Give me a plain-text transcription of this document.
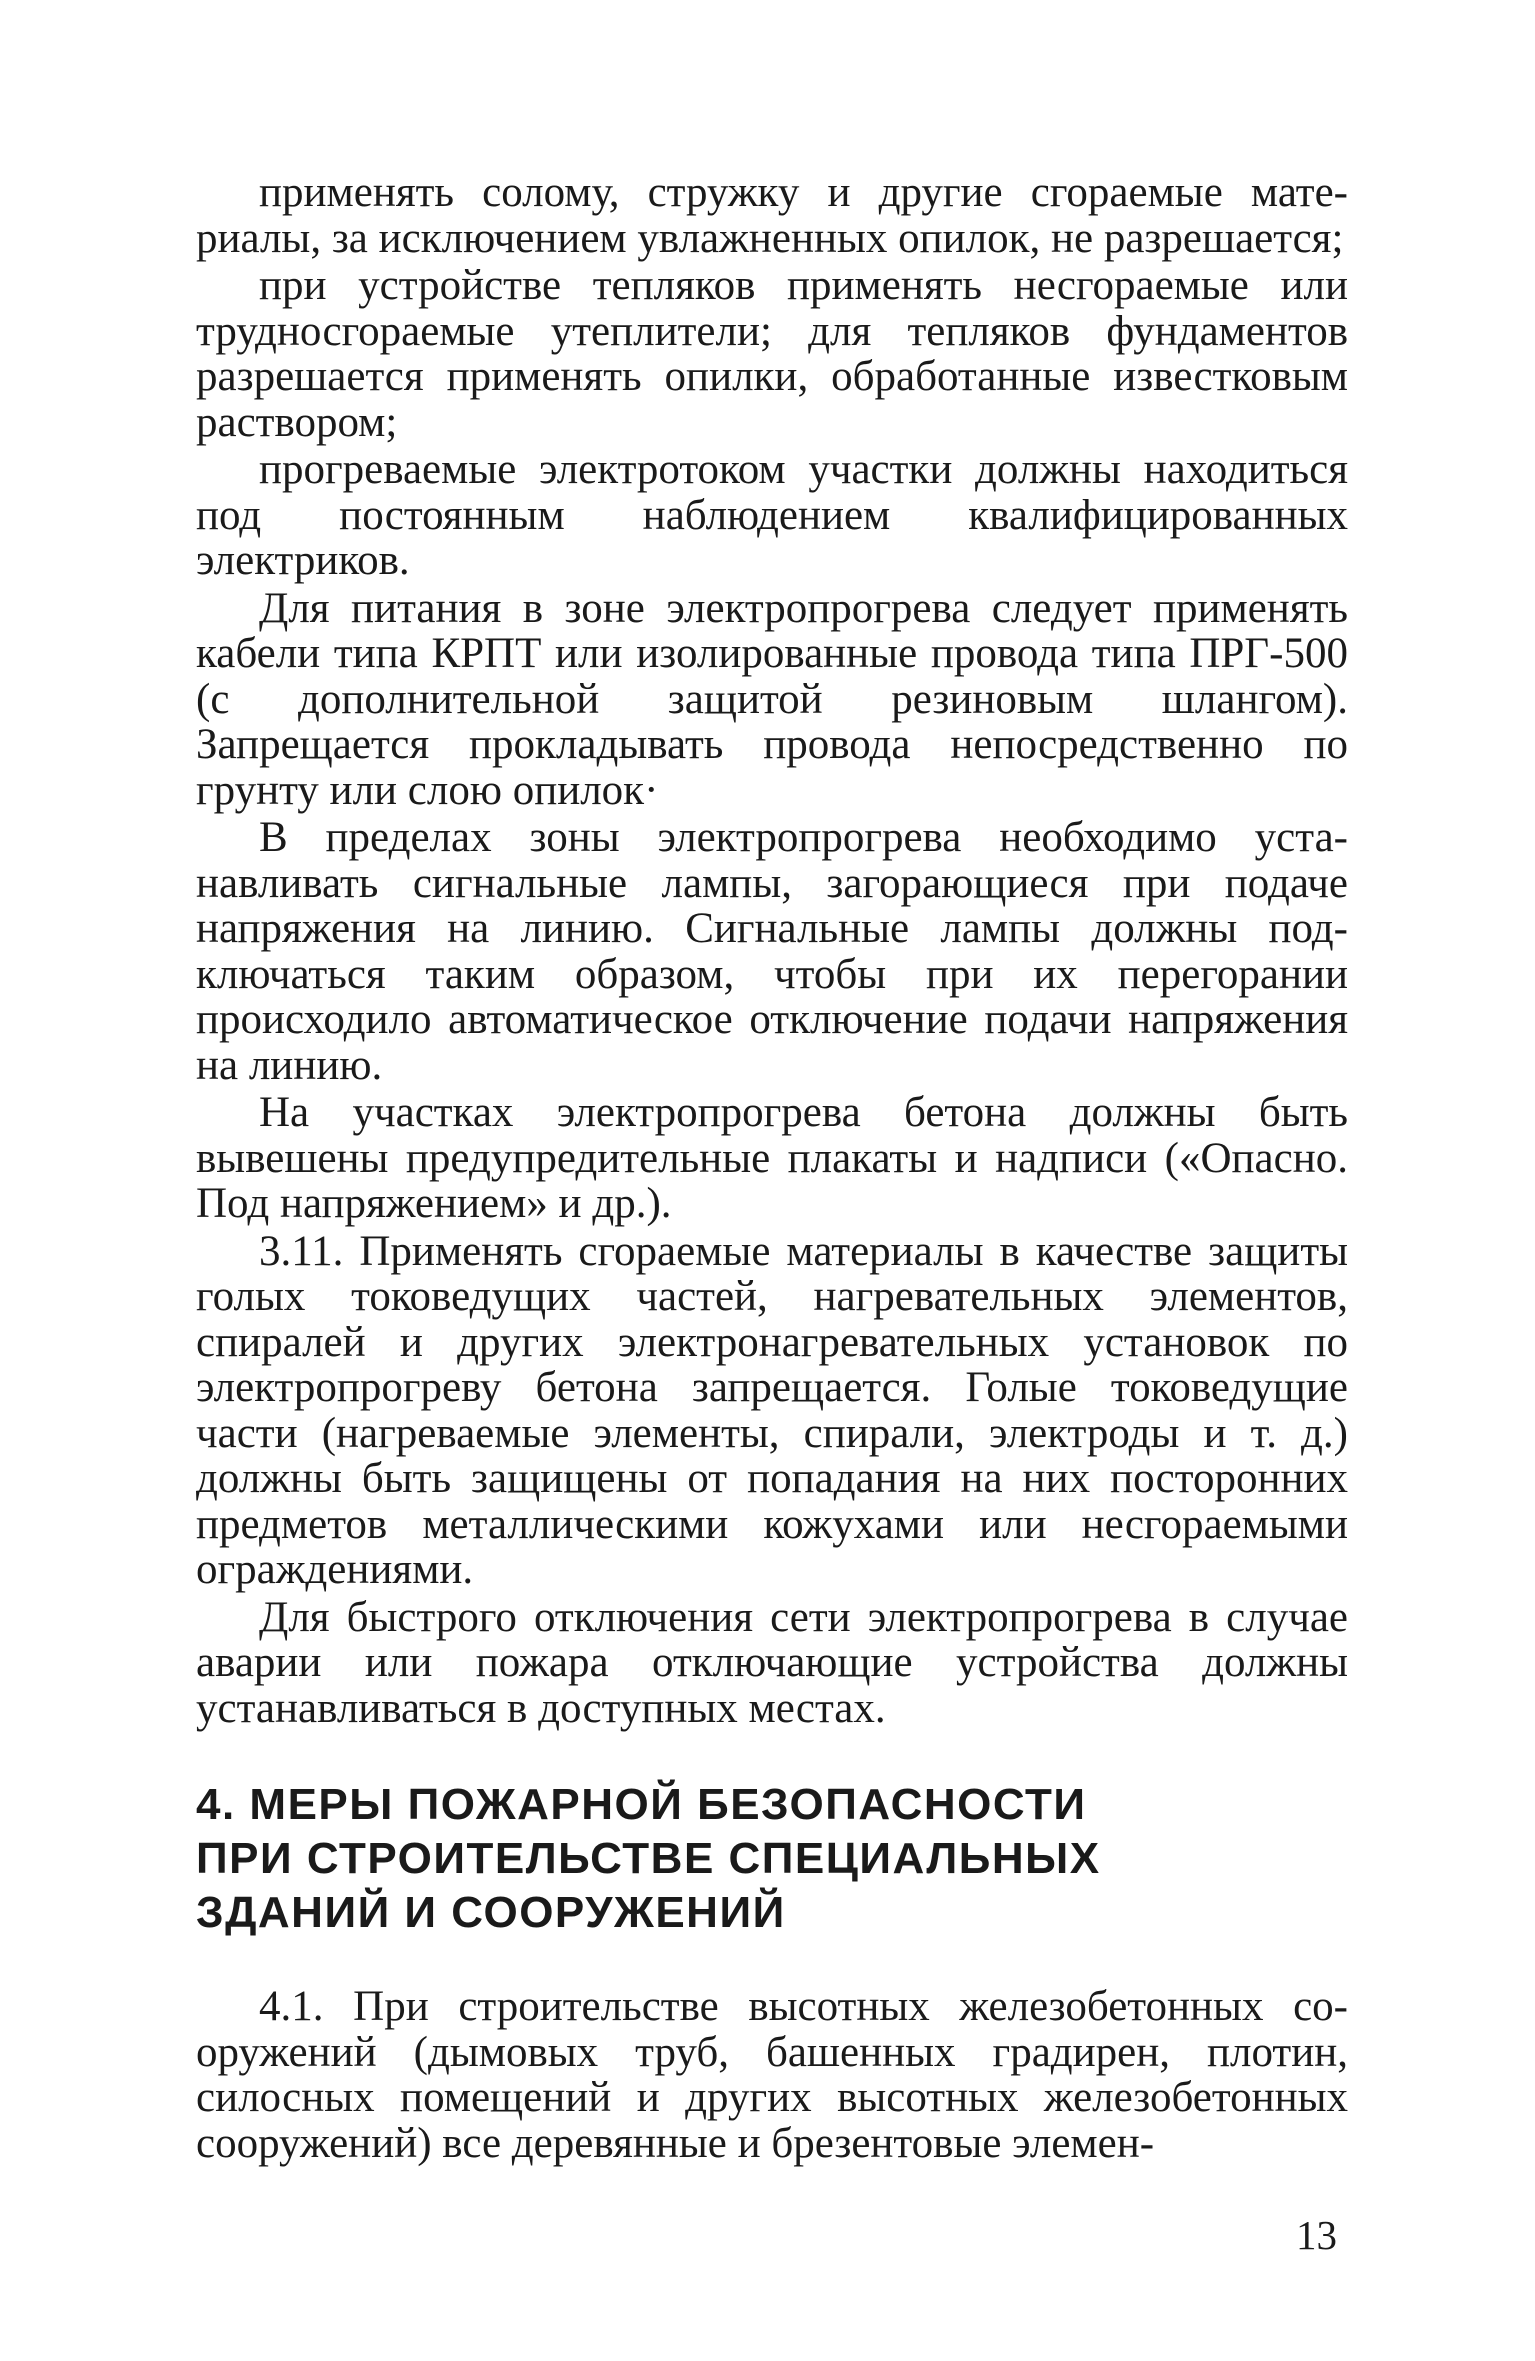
применять солому, стружку и другие сгораемые материалы, за исключением увлажненных опилок, не разрешается;

при устройстве тепляков применять несгораемые или трудносгораемые утеплители; для тепляков фундаментов разрешается применять опилки, обработанные известковым раствором;

прогреваемые электротоком участки должны находиться под постоянным наблюдением квалифицированных электриков.

Для питания в зоне электропрогрева следует применять кабели типа КРПТ или изолированные провода типа ПРГ-500 (с дополнительной защитой резиновым шлангом). Запрещается прокладывать провода непосредственно по грунту или слою опилок·

В пределах зоны электропрогрева необходимо устанавливать сигнальные лампы, загорающиеся при подаче напряжения на линию. Сигнальные лампы должны подключаться таким образом, чтобы при их перегорании происходило автоматическое отключение подачи напряжения на линию.

На участках электропрогрева бетона должны быть вывешены предупредительные плакаты и надписи («Опасно. Под напряжением» и др.).

3.11. Применять сгораемые материалы в качестве защиты голых токоведущих частей, нагревательных элементов, спиралей и других электронагревательных установок по электропрогреву бетона запрещается. Голые токоведущие части (нагреваемые элементы, спирали, электроды и т. д.) должны быть защищены от попадания на них посторонних предметов металлическими кожухами или несгораемыми ограждениями.

Для быстрого отключения сети электропрогрева в случае аварии или пожара отключающие устройства должны устанавливаться в доступных местах.

4. МЕРЫ ПОЖАРНОЙ БЕЗОПАСНОСТИ
ПРИ СТРОИТЕЛЬСТВЕ СПЕЦИАЛЬНЫХ
ЗДАНИЙ И СООРУЖЕНИЙ

4.1. При строительстве высотных железобетонных сооружений (дымовых труб, башенных градирен, плотин, силосных помещений и других высотных железобетонных сооружений) все деревянные и брезентовые элемен-

13
